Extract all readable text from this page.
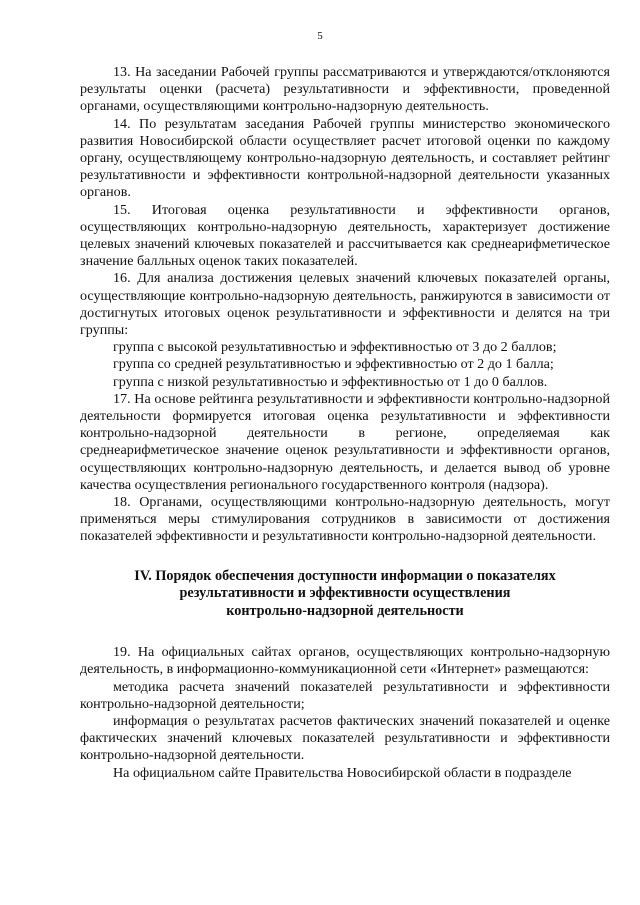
5

13. На заседании Рабочей группы рассматриваются и утверждаются/отклоняются результаты оценки (расчета) результативности и эффективности, проведенной органами, осуществляющими контрольно-надзорную деятельность.

14. По результатам заседания Рабочей группы министерство экономического развития Новосибирской области осуществляет расчет итоговой оценки по каждому органу, осуществляющему контрольно-надзорную деятельность, и составляет рейтинг результативности и эффективности контрольной-надзорной деятельности указанных органов.

15. Итоговая оценка результативности и эффективности органов, осуществляющих контрольно-надзорную деятельность, характеризует достижение целевых значений ключевых показателей и рассчитывается как среднеарифметическое значение балльных оценок таких показателей.

16. Для анализа достижения целевых значений ключевых показателей органы, осуществляющие контрольно-надзорную деятельность, ранжируются в зависимости от достигнутых итоговых оценок результативности и эффективности и делятся на три группы:

группа с высокой результативностью и эффективностью от 3 до 2 баллов;

группа со средней результативностью и эффективностью от 2 до 1 балла;

группа с низкой результативностью и эффективностью от 1 до 0 баллов.

17. На основе рейтинга результативности и эффективности контрольно-надзорной деятельности формируется итоговая оценка результативности и эффективности контрольно-надзорной деятельности в регионе, определяемая как среднеарифметическое значение оценок результативности и эффективности органов, осуществляющих контрольно-надзорную деятельность, и делается вывод об уровне качества осуществления регионального государственного контроля (надзора).

18. Органами, осуществляющими контрольно-надзорную деятельность, могут применяться меры стимулирования сотрудников в зависимости от достижения показателей эффективности и результативности контрольно-надзорной деятельности.

IV. Порядок обеспечения доступности информации о показателях
результативности и эффективности осуществления
контрольно-надзорной деятельности

19. На официальных сайтах органов, осуществляющих контрольно-надзорную деятельность, в информационно-коммуникационной сети «Интернет» размещаются:

методика расчета значений показателей результативности и эффективности контрольно-надзорной деятельности;

информация о результатах расчетов фактических значений показателей и оценке фактических значений ключевых показателей результативности и эффективности контрольно-надзорной деятельности.

На официальном сайте Правительства Новосибирской области в подразделе
